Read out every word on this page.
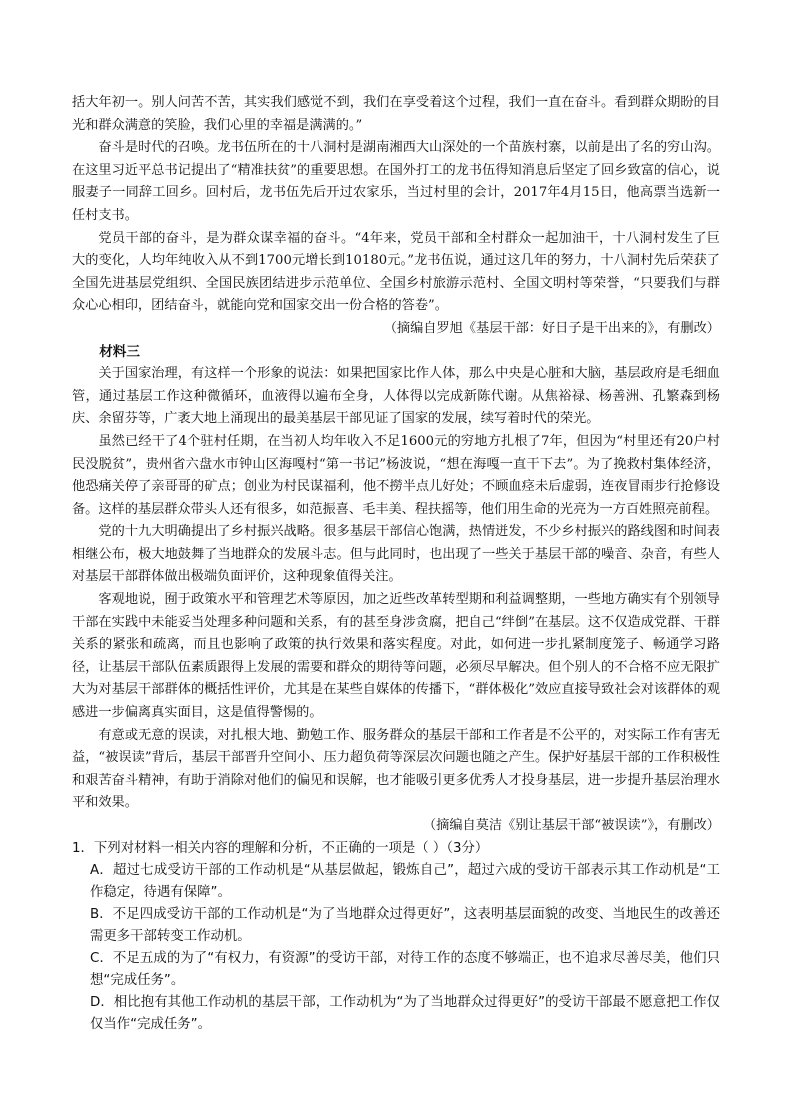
括大年初一。别人问苦不苦，其实我们感觉不到，我们在享受着这个过程，我们一直在奋斗。看到群众期盼的目光和群众满意的笑脸，我们心里的幸福是满满的。”

奋斗是时代的召唤。龙书伍所在的十八洞村是湖南湘西大山深处的一个苗族村寨，以前是出了名的穷山沟。在这里习近平总书记提出了“精准扶贫”的重要思想。在国外打工的龙书伍得知消息后坚定了回乡致富的信心，说服妻子一同辞工回乡。回村后，龙书伍先后开过农家乐，当过村里的会计，2017年4月15日，他高票当选新一任村支书。

党员干部的奋斗，是为群众谋幸福的奋斗。“4年来，党员干部和全村群众一起加油干，十八洞村发生了巨大的变化，人均年纯收入从不到1700元增长到10180元。”龙书伍说，通过这几年的努力，十八洞村先后荣获了全国先进基层党组织、全国民族团结进步示范单位、全国乡村旅游示范村、全国文明村等荣誉，“只要我们与群众心心相印，团结奋斗，就能向党和国家交出一份合格的答卷”。

（摘编自罗旭《基层干部：好日子是干出来的》，有删改）

材料三

关于国家治理，有这样一个形象的说法：如果把国家比作人体，那么中央是心脏和大脑，基层政府是毛细血管，通过基层工作这种微循环，血液得以遍布全身，人体得以完成新陈代谢。从焦裕禄、杨善洲、孔繁森到杨庆、余留芬等，广袤大地上涌现出的最美基层干部见证了国家的发展，续写着时代的荣光。

虽然已经干了4个驻村任期，在当初人均年收入不足1600元的穷地方扎根了7年，但因为“村里还有20户村民没脱贫”，贵州省六盘水市钟山区海嘎村“第一书记”杨波说，“想在海嘎一直干下去”。为了挽救村集体经济，他恐痛关停了亲哥哥的矿点；创业为村民谋福利，他不撈半点儿好处；不顾血痉未后虚弱，连夜冒雨步行抢修设备。这样的基层群众带头人还有很多，如范振喜、毛丰美、程扶摇等，他们用生命的光亮为一方百姓照亮前程。

党的十九大明确提出了乡村振兴战略。很多基层干部信心饱满，热情迸发，不少乡村振兴的路线图和时间表相继公布，极大地鼓舞了当地群众的发展斗志。但与此同时，也出现了一些关于基层干部的噪音、杂音，有些人对基层干部群体做出极端负面评价，这种现象值得关注。

客观地说，囿于政策水平和管理艺术等原因，加之近些改革转型期和利益调整期，一些地方确实有个别领导干部在实践中未能妥当处理多种问题和关系，有的甚至身涉贪腐，把自己“绊倒”在基层。这不仅造成党群、干群关系的紧张和疏离，而且也影响了政策的执行效果和落实程度。对此，如何进一步扎紧制度笼子、畅通学习路径，让基层干部队伍素质跟得上发展的需要和群众的期待等问题，必须尽早解决。但个别人的不合格不应无限扩大为对基层干部群体的概括性评价，尤其是在某些自媒体的传播下，“群体极化”效应直接导致社会对该群体的观感进一步偏离真实面目，这是值得警惕的。

有意或无意的误读，对扎根大地、勤勉工作、服务群众的基层干部和工作者是不公平的，对实际工作有害无益，“被误读”背后，基层干部晋升空间小、压力超负荷等深层次问题也随之产生。保护好基层干部的工作积极性和艰苦奋斗精神，有助于消除对他们的偏见和误解，也才能吸引更多优秀人才投身基层，进一步提升基层治理水平和效果。

（摘编自莫洁《别让基层干部“被误读”》，有删改）

1．下列对材料一相关内容的理解和分析，不正确的一项是（ ）（3分）

A．超过七成受访干部的工作动机是“从基层做起，锻炼自己”，超过六成的受访干部表示其工作动机是“工作稳定，待遇有保障”。

B．不足四成受访干部的工作动机是“为了当地群众过得更好”，这表明基层面貌的改变、当地民生的改善还需更多干部转变工作动机。

C．不足五成的为了“有权力，有资源”的受访干部，对待工作的态度不够端正，也不追求尽善尽美，他们只想“完成任务”。

D．相比抱有其他工作动机的基层干部，工作动机为“为了当地群众过得更好”的受访干部最不愿意把工作仅仅当作“完成任务”。
